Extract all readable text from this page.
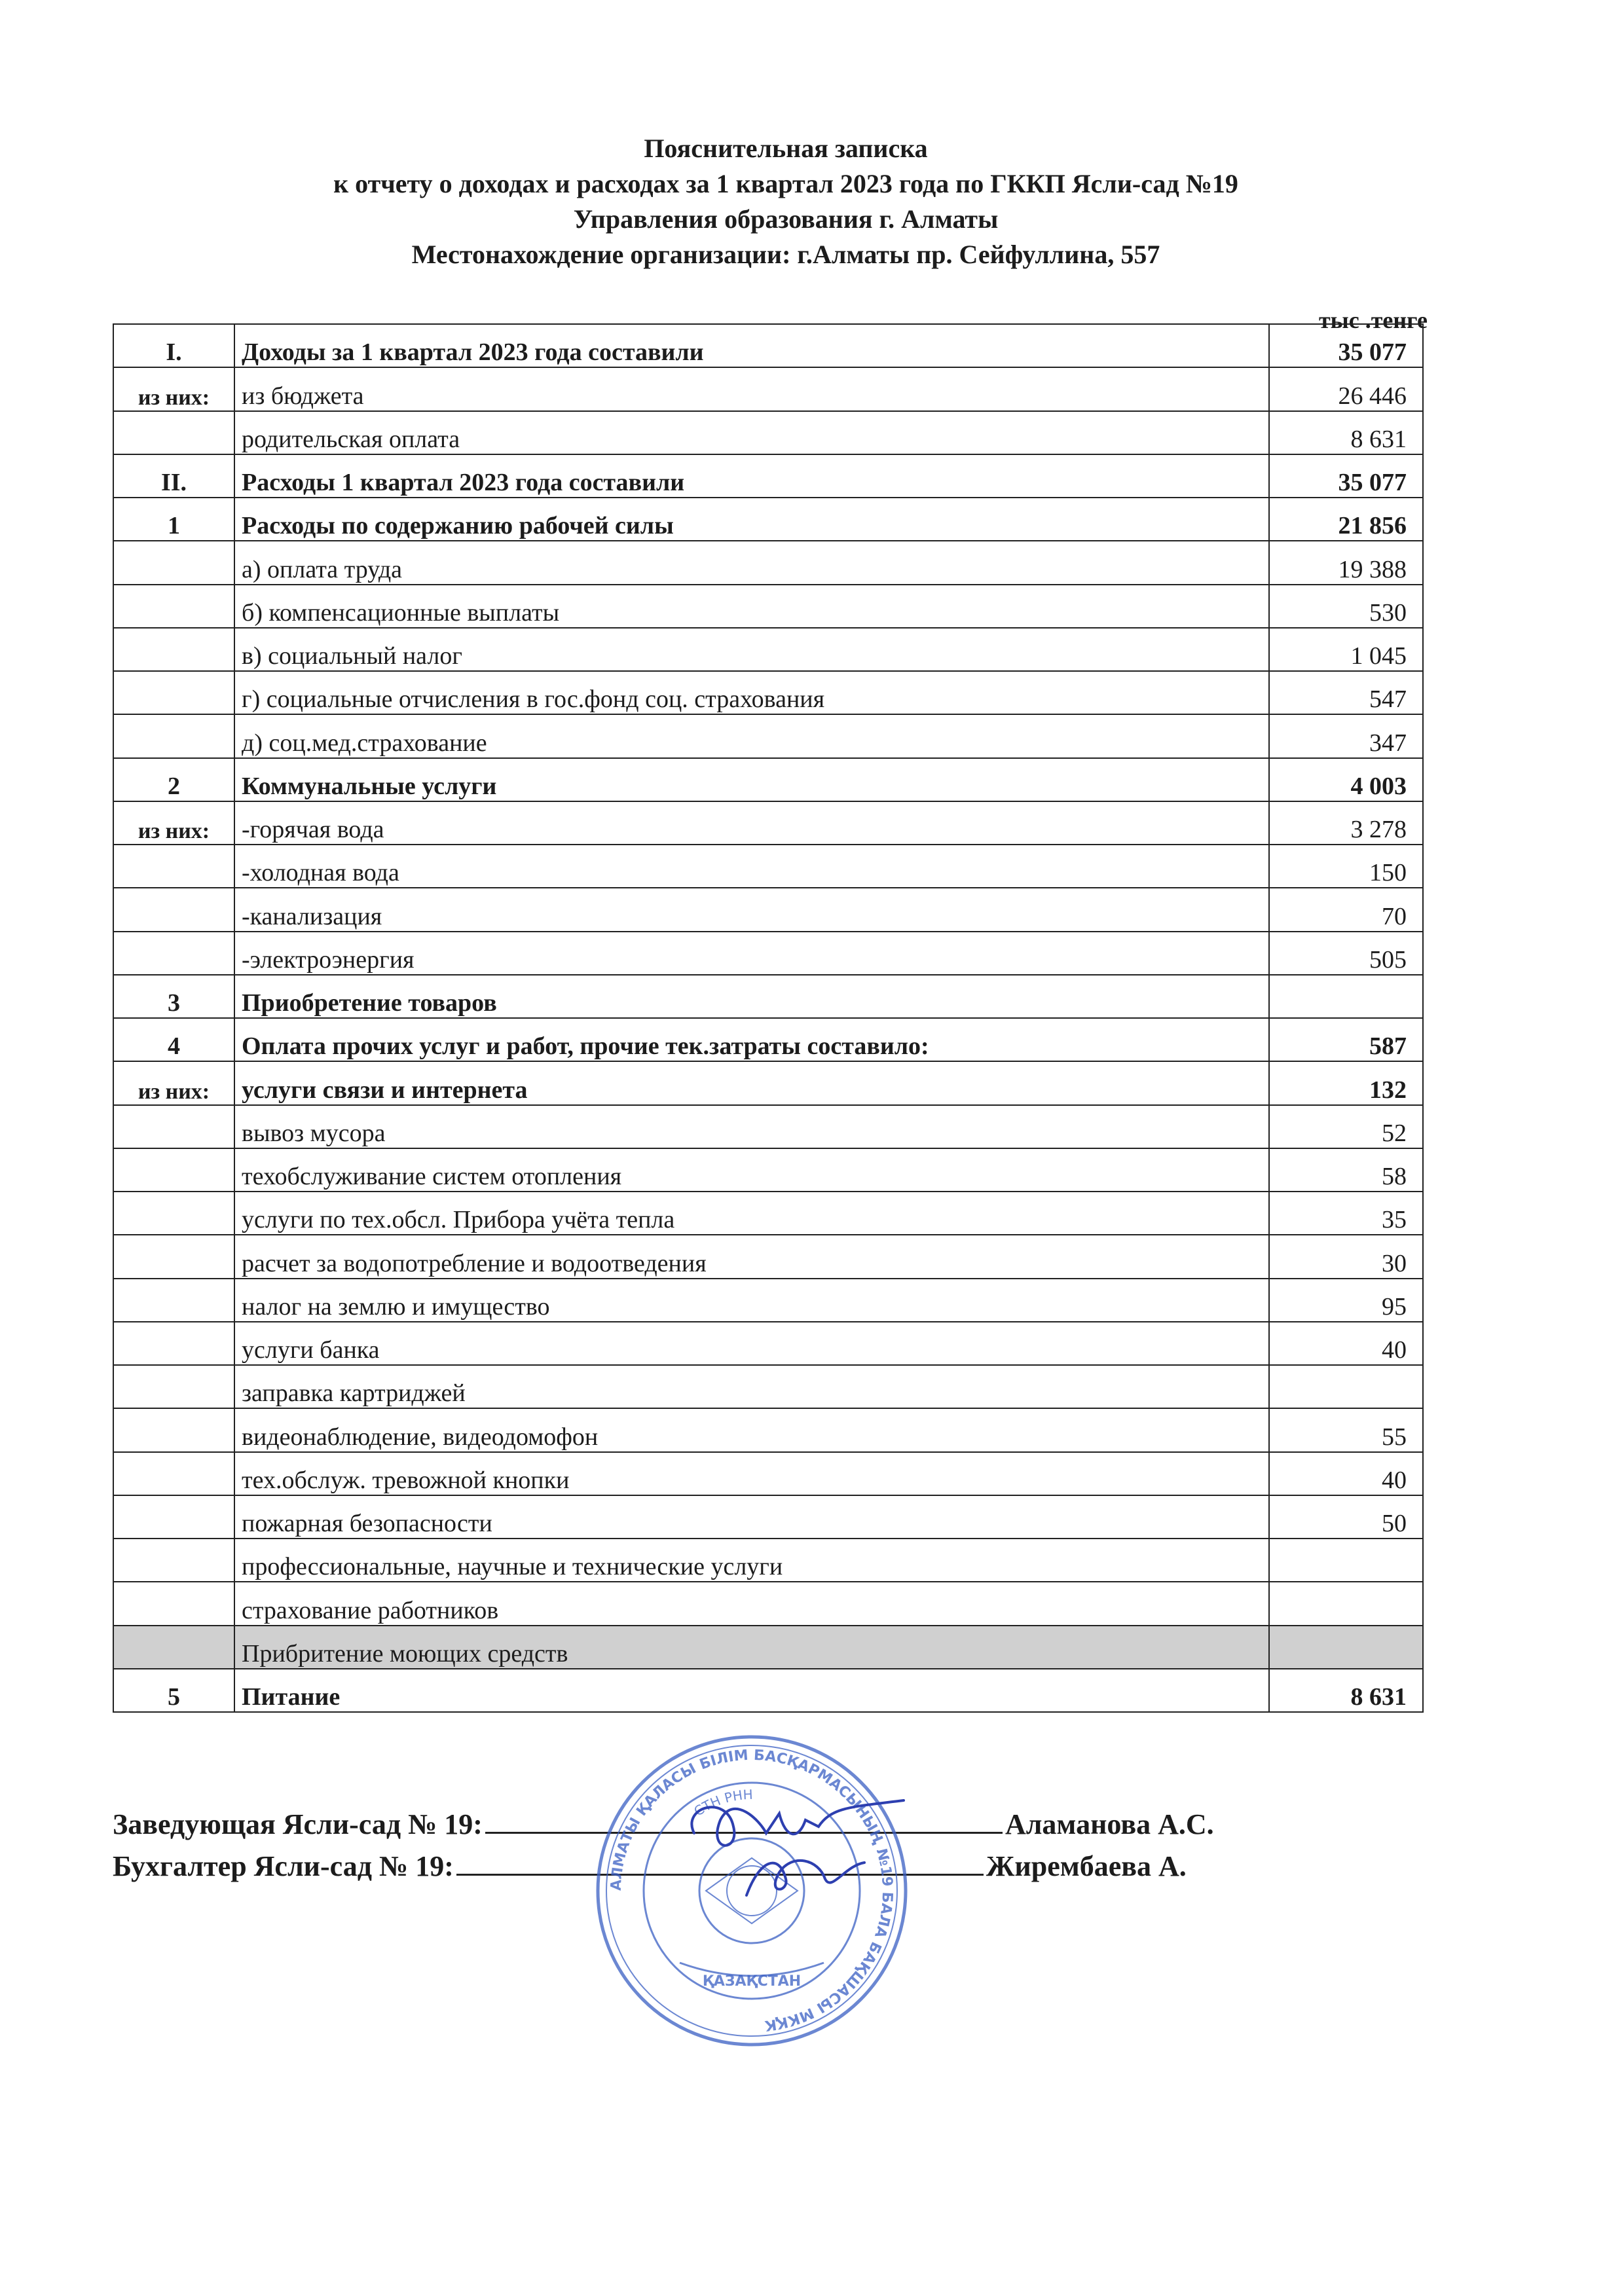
Пояснительная записка
к отчету о доходах и расходах за 1 квартал 2023 года по ГККП Ясли-сад №19
Управления образования г. Алматы
Местонахождение организации: г.Алматы пр. Сейфуллина, 557
тыс .тенге
I.	Доходы за 1 квартал 2023 года составили	35 077
из них:	из бюджета	26 446
	родительская оплата	8 631
II.	Расходы 1 квартал 2023 года составили	35 077
1	Расходы по содержанию рабочей силы	21 856
	а) оплата труда	19 388
	б) компенсационные выплаты	530
	в) социальный налог	1 045
	г) социальные отчисления в гос.фонд соц. страхования	547
	д) соц.мед.страхование	347
2	Коммунальные услуги	4 003
из них:	-горячая вода	3 278
	-холодная вода	150
	-канализация	70
	-электроэнергия	505
3	Приобретение товаров	
4	Оплата прочих услуг и работ, прочие тек.затраты составило:	587
из них:	услуги связи и интернета	132
	вывоз мусора	52
	техобслуживание систем отопления	58
	услуги по тех.обсл. Прибора учёта тепла	35
	расчет за водопотребление и водоотведения	30
	налог на землю и имущество	95
	услуги банка	40
	заправка картриджей	
	видеонаблюдение, видеодомофон	55
	тех.обслуж. тревожной кнопки	40
	пожарная безопасности	50
	профессиональные, научные и технические услуги	
	страхование работников	
	Прибритение моющих средств	
5	Питание	8 631
Заведующая Ясли-сад № 19:	Аламанова А.С.
Бухгалтер Ясли-сад № 19:	Жирембаева А.
АЛМАТЫ ҚАЛАСЫ БІЛІМ БАСҚАРМАСЫНЫҢ №19 БАЛА БАҚШАСЫ МКҚК
СТН РНН
ҚАЗАҚСТАН
